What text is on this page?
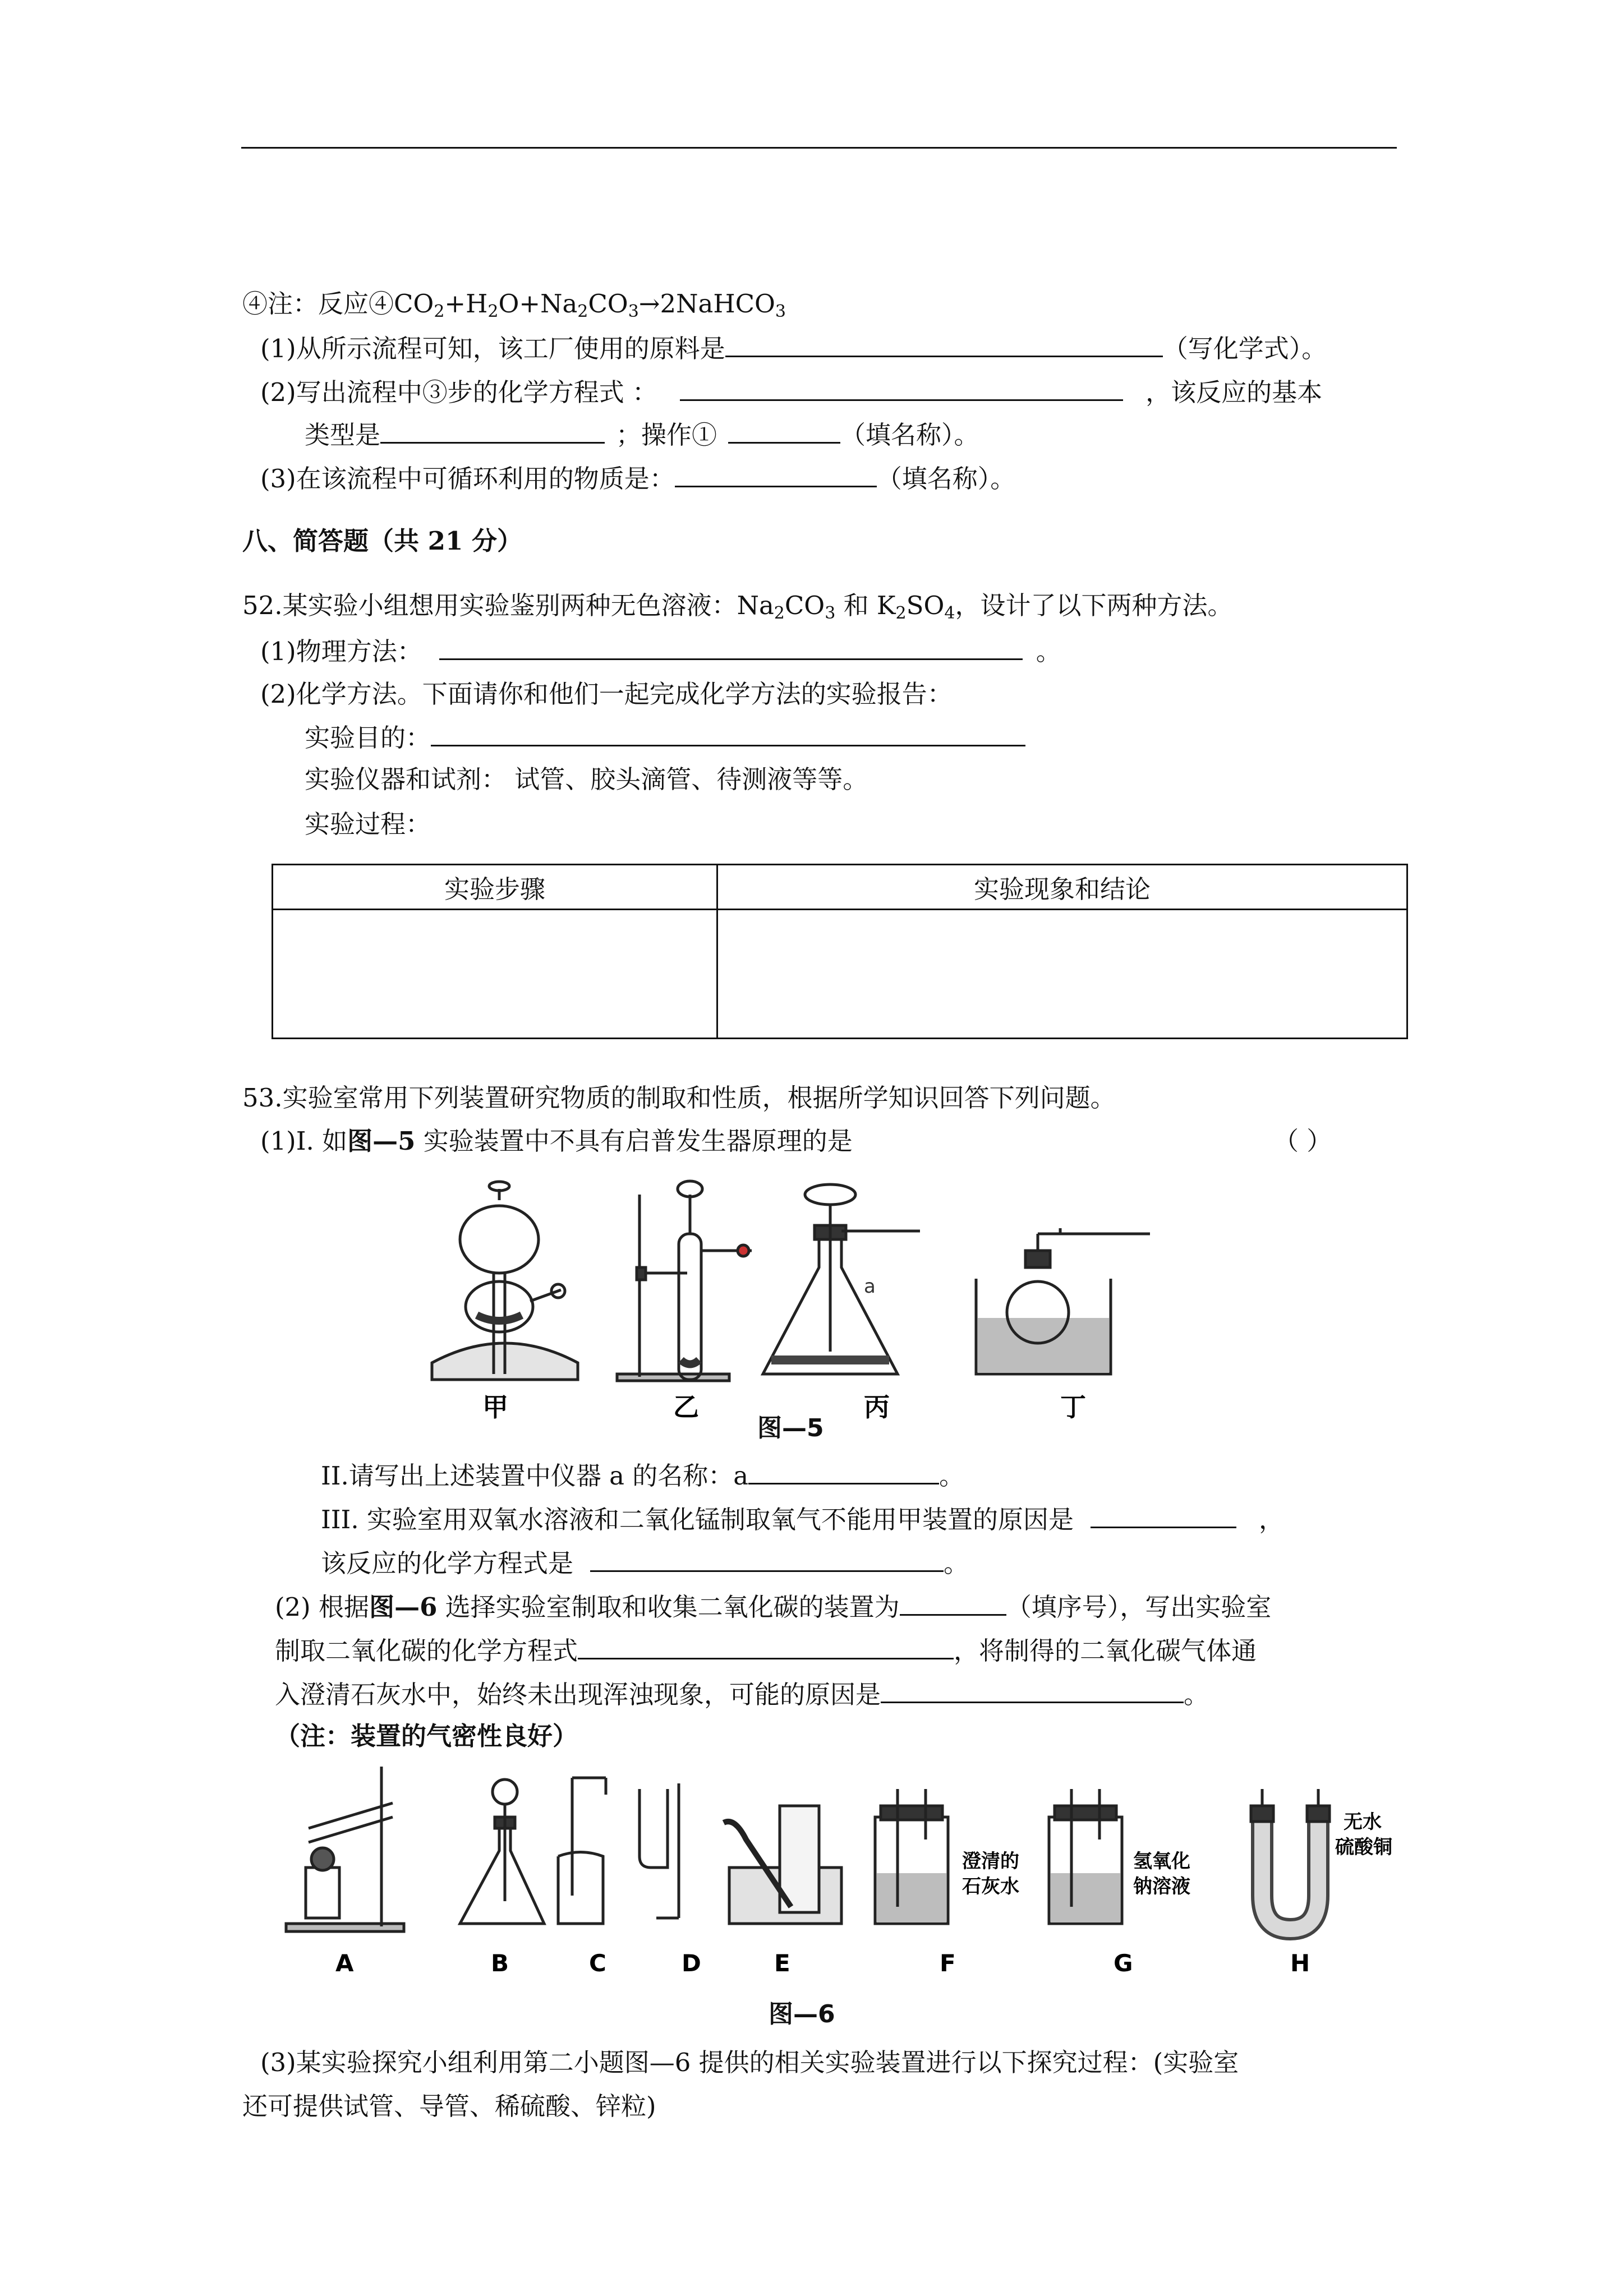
④注：反应$④CO_2+H_2O+Na_2CO_3\to 2NaHCO_3$
(1)从所示流程可知，该工厂使用的原料是	（写化学式）。
(2)写出流程中③步的化学方程式 ：	，该反应的基本
类型是	；操作①	（填名称）。
(3)在该流程中可循环利用的物质是：	（填名称）。
八、简答题（共 21 分）
52.某实验小组想用实验鉴别两种无色溶液：$Na_2CO_3$ 和 $K_2SO_4$，设计了以下两种方法。
(1)物理方法：	。
(2)化学方法。下面请你和他们一起完成化学方法的实验报告：
实验目的：
实验仪器和试剂： 试管、胶头滴管、待测液等等。
实验过程：
实验步骤	实验现象和结论

53.实验室常用下列装置研究物质的制取和性质，根据所学知识回答下列问题。
(1)I. 如图—5 实验装置中不具有启普发生器原理的是	（ ）
a
甲	乙	丙	丁
图—5
II.请写出上述装置中仪器 a 的名称：a	。
III. 实验室用双氧水溶液和二氧化锰制取氧气不能用甲装置的原因是	，
该反应的化学方程式是	。
(2) 根据图—6 选择实验室制取和收集二氧化碳的装置为	（填序号），写出实验室
制取二氧化碳的化学方程式	，将制得的二氧化碳气体通
入澄清石灰水中，始终未出现浑浊现象，可能的原因是	。
（注：装置的气密性良好）
澄清的
石灰水
氢氧化
钠溶液
无水
硫酸铜
A	B	C	D	E	F	G	H
图—6
(3)某实验探究小组利用第二小题图—6 提供的相关实验装置进行以下探究过程：(实验室
还可提供试管、导管、稀硫酸、锌粒)
